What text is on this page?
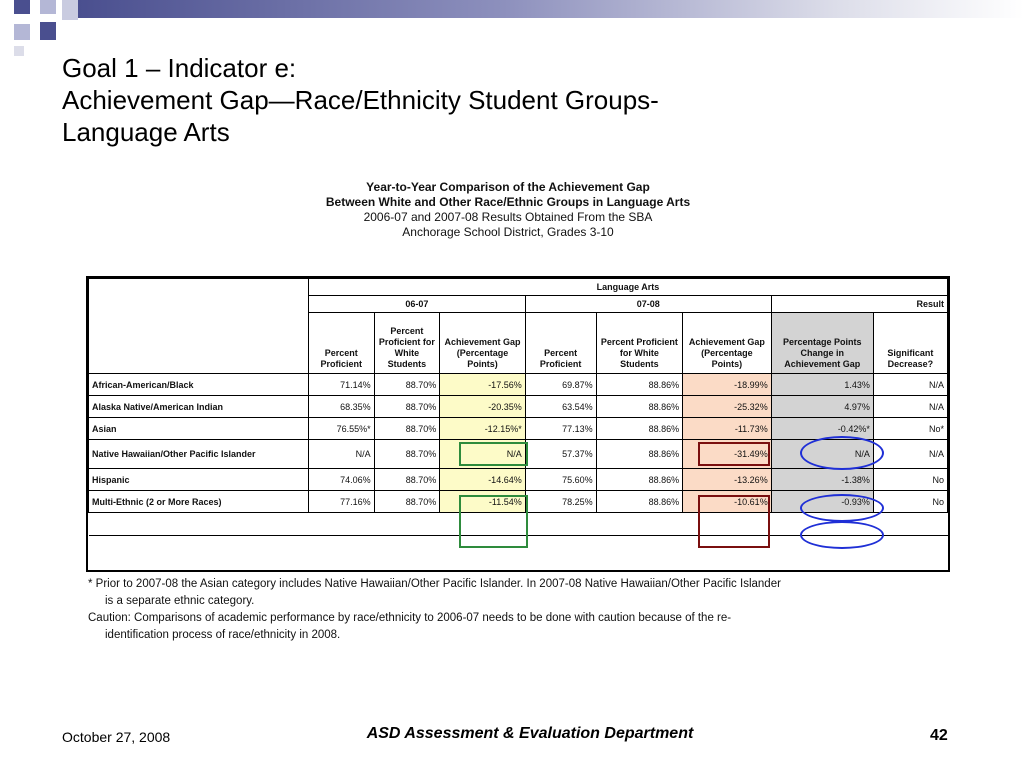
Goal 1 – Indicator e:
Achievement Gap—Race/Ethnicity Student Groups-
Language Arts
Year-to-Year Comparison of the Achievement Gap
Between White and Other Race/Ethnic Groups in Language Arts
2006-07 and 2007-08 Results Obtained From the SBA
Anchorage School District, Grades 3-10
	Language Arts							
	06-07			07-08			Result	
	Percent Proficient	Percent Proficient for White Students	Achievement Gap (Percentage Points)	Percent Proficient	Percent Proficient for White Students	Achievement Gap (Percentage Points)	Percentage Points Change in Achievement Gap	Significant Decrease?
African-American/Black	71.14%	88.70%	-17.56%	69.87%	88.86%	-18.99%	1.43%	N/A
Alaska Native/American Indian	68.35%	88.70%	-20.35%	63.54%	88.86%	-25.32%	4.97%	N/A
Asian	76.55%*	88.70%	-12.15%*	77.13%	88.86%	-11.73%	-0.42%*	No*
Native Hawaiian/Other Pacific Islander	N/A	88.70%	N/A	57.37%	88.86%	-31.49%	N/A	N/A
Hispanic	74.06%	88.70%	-14.64%	75.60%	88.86%	-13.26%	-1.38%	No
Multi-Ethnic (2 or More Races)	77.16%	88.70%	-11.54%	78.25%	88.86%	-10.61%	-0.93%	No

* Prior to 2007-08 the Asian category includes Native Hawaiian/Other Pacific Islander. In 2007-08 Native Hawaiian/Other Pacific Islander
is a separate ethnic category.
Caution: Comparisons of academic performance by race/ethnicity to 2006-07 needs to be done with caution because of the re-
identification process of race/ethnicity in 2008.
October 27, 2008	ASD Assessment & Evaluation Department	42
